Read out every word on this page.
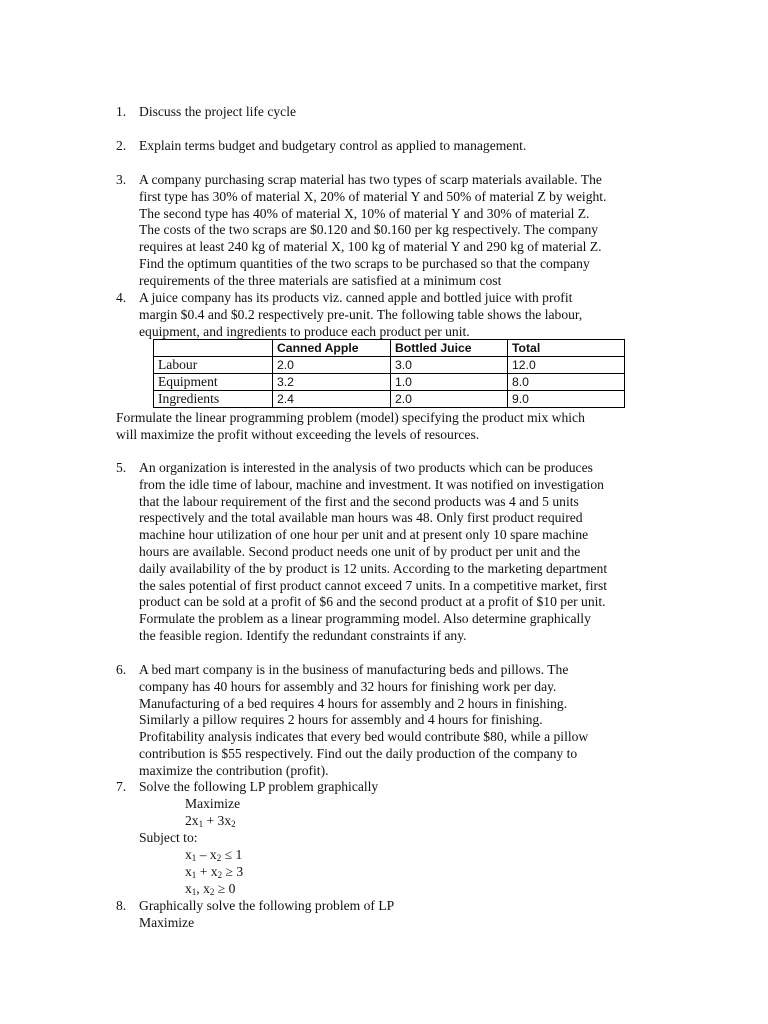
1. Discuss the project life cycle
2. Explain terms budget and budgetary control as applied to management.
3. A company purchasing scrap material has two types of scarp materials available. The
first type has 30% of material X, 20% of material Y and 50% of material Z by weight.
The second type has 40% of material X, 10% of material Y and 30% of material Z.
The costs of the two scraps are $0.120 and $0.160 per kg respectively. The company
requires at least 240 kg of material X, 100 kg of material Y and 290 kg of material Z.
Find the optimum quantities of the two scraps to be purchased so that the company
requirements of the three materials are satisfied at a minimum cost
4. A juice company has its products viz. canned apple and bottled juice with profit
margin $0.4 and $0.2 respectively pre-unit. The following table shows the labour,
equipment, and ingredients to produce each product per unit.
	Canned Apple	Bottled Juice	Total
Labour	2.0	3.0	12.0
Equipment	3.2	1.0	8.0
Ingredients	2.4	2.0	9.0
Formulate the linear programming problem (model) specifying the product mix which
will maximize the profit without exceeding the levels of resources.
5. An organization is interested in the analysis of two products which can be produces
from the idle time of labour, machine and investment. It was notified on investigation
that the labour requirement of the first and the second products was 4 and 5 units
respectively and the total available man hours was 48. Only first product required
machine hour utilization of one hour per unit and at present only 10 spare machine
hours are available. Second product needs one unit of by product per unit and the
daily availability of the by product is 12 units. According to the marketing department
the sales potential of first product cannot exceed 7 units. In a competitive market, first
product can be sold at a profit of $6 and the second product at a profit of $10 per unit.
Formulate the problem as a linear programming model. Also determine graphically
the feasible region. Identify the redundant constraints if any.
6. A bed mart company is in the business of manufacturing beds and pillows. The
company has 40 hours for assembly and 32 hours for finishing work per day.
Manufacturing of a bed requires 4 hours for assembly and 2 hours in finishing.
Similarly a pillow requires 2 hours for assembly and 4 hours for finishing.
Profitability analysis indicates that every bed would contribute $80, while a pillow
contribution is $55 respectively. Find out the daily production of the company to
maximize the contribution (profit).
7. Solve the following LP problem graphically
Maximize
$2x_1 + 3x_2$
Subject to:
$x_1 - x_2 \le 1$
$x_1 + x_2 \ge 3$
$x_1$, $x_2 \ge 0$
8. Graphically solve the following problem of LP
Maximize
